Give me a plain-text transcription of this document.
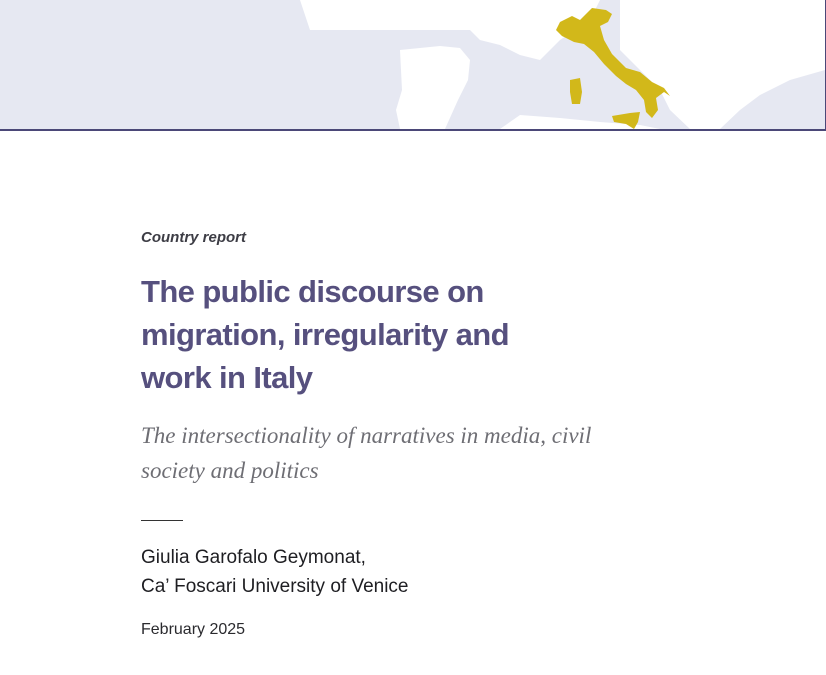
Country report
The public discourse on migration, irregularity and work in Italy
The intersectionality of narratives in media, civil society and politics
Giulia Garofalo Geymonat,
Ca’ Foscari University of Venice
February 2025
